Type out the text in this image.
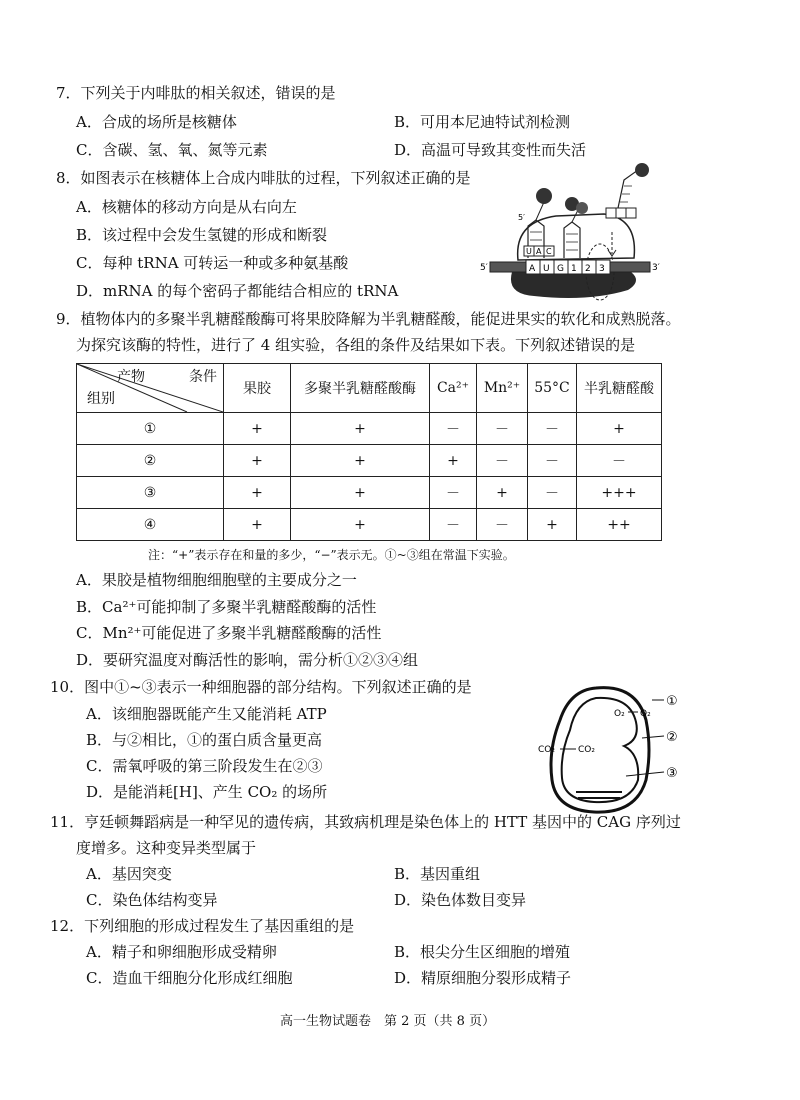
7．下列关于内啡肽的相关叙述，错误的是
A．合成的场所是核糖体	B．可用本尼迪特试剂检测
C．含碳、氢、氧、氮等元素	D．高温可导致其变性而失活
8．如图表示在核糖体上合成内啡肽的过程，下列叙述正确的是
A．核糖体的移动方向是从右向左
B．该过程中会发生氢键的形成和断裂
C．每种 tRNA 可转运一种或多种氨基酸
D．mRNA 的每个密码子都能结合相应的 tRNA
A U G 1 2 3
5′	3′
U A C
5′
9．植物体内的多聚半乳糖醛酸酶可将果胶降解为半乳糖醛酸，能促进果实的软化和成熟脱落。
为探究该酶的特性，进行了 4 组实验，各组的条件及结果如下表。下列叙述错误的是
产物 条件
组别	果胶	多聚半乳糖醛酸酶	Ca²⁺	Mn²⁺	55°C	半乳糖醛酸
①	+	+	－	－	－	+
②	+	+	+	－	－	－
③	+	+	－	+	－	+++
④	+	+	－	－	+	++
注：“+”表示存在和量的多少，“−”表示无。①~③组在常温下实验。
A．果胶是植物细胞细胞壁的主要成分之一
B．Ca²⁺可能抑制了多聚半乳糖醛酸酶的活性
C．Mn²⁺可能促进了多聚半乳糖醛酸酶的活性
D．要研究温度对酶活性的影响，需分析①②③④组
10．图中①~③表示一种细胞器的部分结构。下列叙述正确的是
A．该细胞器既能产生又能消耗 ATP
B．与②相比，①的蛋白质含量更高
C．需氧呼吸的第三阶段发生在②③
D．是能消耗[H]、产生 CO₂ 的场所
①
②
③
O₂ O₂
CO₂	CO₂
11．亨廷顿舞蹈病是一种罕见的遗传病，其致病机理是染色体上的 HTT 基因中的 CAG 序列过
度增多。这种变异类型属于
A．基因突变	B．基因重组
C．染色体结构变异	D．染色体数目变异
12．下列细胞的形成过程发生了基因重组的是
A．精子和卵细胞形成受精卵	B．根尖分生区细胞的增殖
C．造血干细胞分化形成红细胞	D．精原细胞分裂形成精子
高一生物试题卷　第 2 页（共 8 页）
